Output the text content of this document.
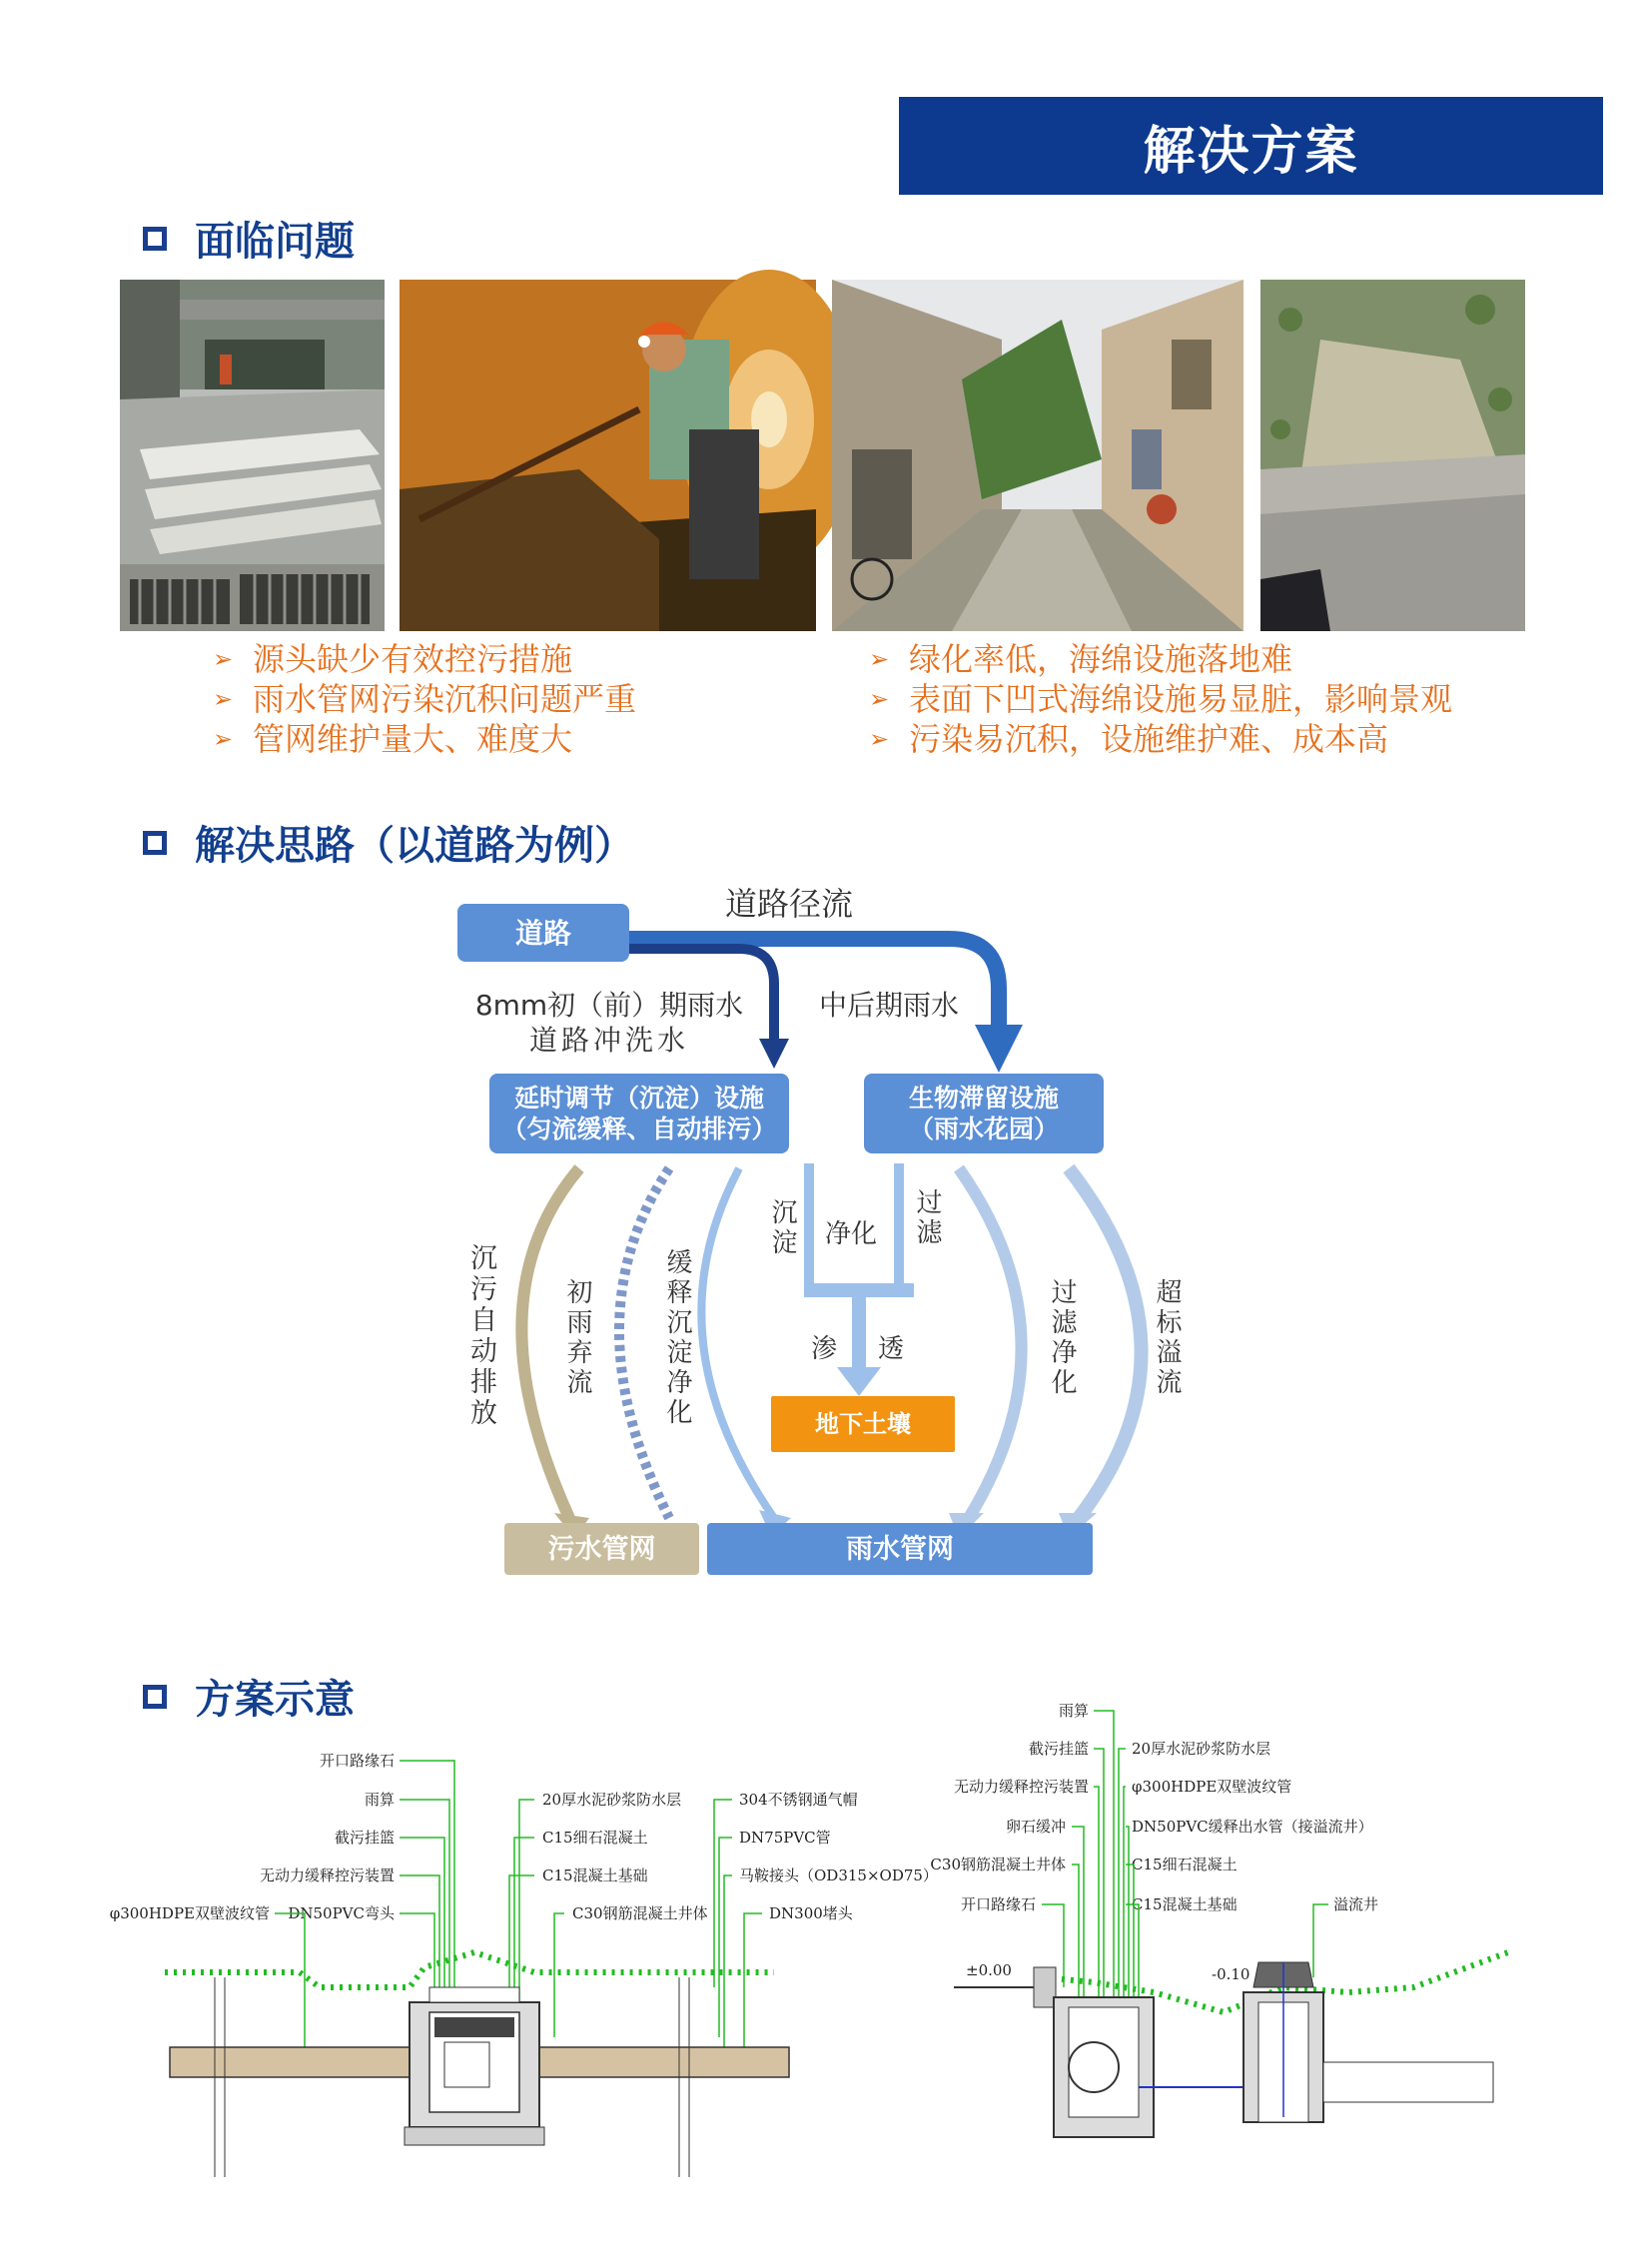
解决方案
面临问题
➢ 源头缺少有效控污措施
➢ 雨水管网污染沉积问题严重
➢ 管网维护量大、难度大
➢ 绿化率低，海绵设施落地难
➢ 表面下凹式海绵设施易显脏，影响景观
➢ 污染易沉积，设施维护难、成本高
解决思路（以道路为例）
道路
道路径流
8mm初（前）期雨水
道路冲洗水
中后期雨水
延时调节（沉淀）设施
（匀流缓释、自动排污）
生物滞留设施
（雨水花园）
沉污自动排放	初雨弃流	缓释沉淀净化
沉淀 净化 过滤
渗 透
地下土壤
过滤净化	超标溢流
污水管网	雨水管网
方案示意
开口路缘石
雨算
截污挂篮
无动力缓释控污装置
DN50PVC弯头
φ300HDPE双壁波纹管
20厚水泥砂浆防水层
C15细石混凝土
C15混凝土基础
C30钢筋混凝土井体
304不锈钢通气帽
DN75PVC管
马鞍接头（OD315×OD75）
DN300堵头
雨算
截污挂篮
无动力缓释控污装置
卵石缓冲
C30钢筋混凝土井体
开口路缘石
20厚水泥砂浆防水层
φ300HDPE双壁波纹管
DN50PVC缓释出水管（接溢流井）
C15细石混凝土
C15混凝土基础	溢流井
±0.00	-0.10
